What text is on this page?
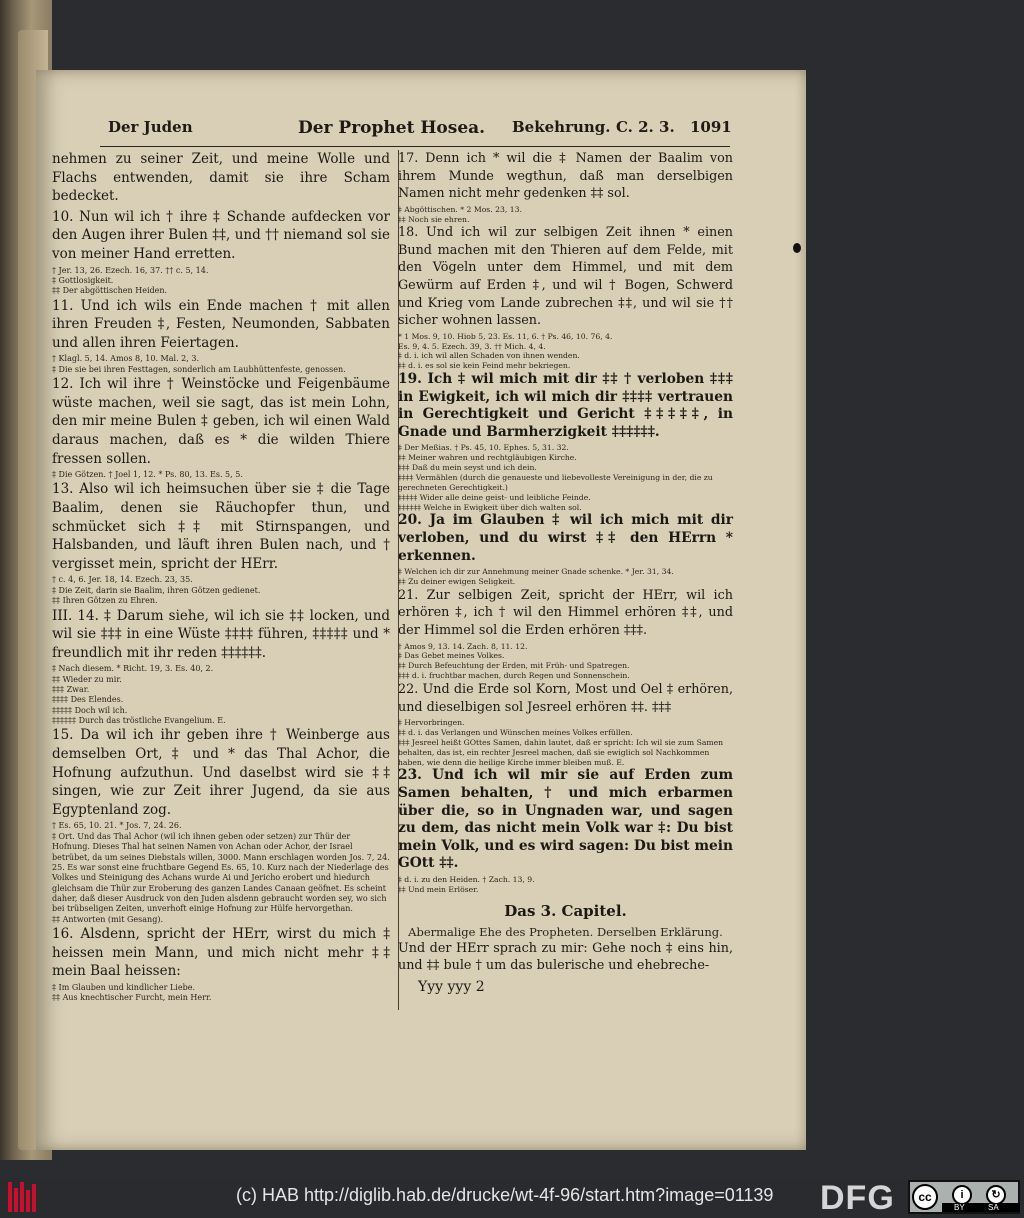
Der Juden	Der Prophet Hosea. Bekehrung. C. 2. 3. 1091
nehmen zu seiner Zeit, und meine Wolle und Flachs entwenden, damit sie ihre Scham bedecket.
10. Nun wil ich † ihre ‡ Schande aufdecken vor den Augen ihrer Bulen ‡‡, und †† niemand sol sie von meiner Hand erretten.
† Jer. 13, 26. Ezech. 16, 37. †† c. 5, 14.
‡ Gottlosigkeit.
‡‡ Der abgöttischen Heiden.
11. Und ich wils ein Ende machen † mit allen ihren Freuden ‡, Festen, Neumonden, Sabbaten und allen ihren Feiertagen.
† Klagl. 5, 14. Amos 8, 10. Mal. 2, 3.
‡ Die sie bei ihren Festtagen, sonderlich am Laubhüttenfeste, genossen.
12. Ich wil ihre † Weinstöcke und Feigenbäume wüste machen, weil sie sagt, das ist mein Lohn, den mir meine Bulen ‡ geben, ich wil einen Wald daraus machen, daß es * die wilden Thiere fressen sollen.
‡ Die Götzen. † Joel 1, 12. * Ps. 80, 13. Es. 5, 5.
13. Also wil ich heimsuchen über sie ‡ die Tage Baalim, denen sie Räuchopfer thun, und schmücket sich ‡‡ mit Stirnspangen, und Halsbanden, und läuft ihren Bulen nach, und † vergisset mein, spricht der HErr.
† c. 4, 6. Jer. 18, 14. Ezech. 23, 35.
‡ Die Zeit, darin sie Baalim, ihren Götzen gedienet.
‡‡ Ihren Götzen zu Ehren.
III. 14. ‡ Darum siehe, wil ich sie ‡‡ locken, und wil sie ‡‡‡ in eine Wüste ‡‡‡‡ führen, ‡‡‡‡‡ und * freundlich mit ihr reden ‡‡‡‡‡‡.
‡ Nach diesem. * Richt. 19, 3. Es. 40, 2.
‡‡ Wieder zu mir.
‡‡‡ Zwar.
‡‡‡‡ Des Elendes.
‡‡‡‡‡ Doch wil ich.
‡‡‡‡‡‡ Durch das tröstliche Evangelium. E.
15. Da wil ich ihr geben ihre † Weinberge aus demselben Ort, ‡ und * das Thal Achor, die Hofnung aufzuthun. Und daselbst wird sie ‡‡ singen, wie zur Zeit ihrer Jugend, da sie aus Egyptenland zog.
† Es. 65, 10. 21. * Jos. 7, 24. 26.
‡ Ort. Und das Thal Achor (wil ich ihnen geben oder setzen) zur Thür der Hofnung. Dieses Thal hat seinen Namen von Achan oder Achor, der Israel betrübet, da um seines Diebstals willen, 3000. Mann erschlagen worden Jos. 7, 24. 25. Es war sonst eine fruchtbare Gegend Es. 65, 10. Kurz nach der Niederlage des Volkes und Steinigung des Achans wurde Ai und Jericho erobert und hiedurch gleichsam die Thür zur Eroberung des ganzen Landes Canaan geöfnet. Es scheint daher, daß dieser Ausdruck von den Juden alsdenn gebraucht worden sey, wo sich bei trübseligen Zeiten, unverhoft einige Hofnung zur Hülfe hervorgethan.
‡‡ Antworten (mit Gesang).
16. Alsdenn, spricht der HErr, wirst du mich ‡ heissen mein Mann, und mich nicht mehr ‡‡ mein Baal heissen:
‡ Im Glauben und kindlicher Liebe.
‡‡ Aus knechtischer Furcht, mein Herr.
17. Denn ich * wil die ‡ Namen der Baalim von ihrem Munde wegthun, daß man derselbigen Namen nicht mehr gedenken ‡‡ sol.
‡ Abgöttischen. * 2 Mos. 23, 13.
‡‡ Noch sie ehren.
18. Und ich wil zur selbigen Zeit ihnen * einen Bund machen mit den Thieren auf dem Felde, mit den Vögeln unter dem Himmel, und mit dem Gewürm auf Erden ‡, und wil † Bogen, Schwerd und Krieg vom Lande zubrechen ‡‡, und wil sie †† sicher wohnen lassen.
* 1 Mos. 9, 10. Hiob 5, 23. Es. 11, 6. † Ps. 46, 10. 76, 4.
Es. 9, 4. 5. Ezech. 39, 3. †† Mich. 4, 4.
‡ d. i. ich wil allen Schaden von ihnen wenden.
‡‡ d. i. es sol sie kein Feind mehr bekriegen.
19. Ich ‡ wil mich mit dir ‡‡ † verloben ‡‡‡ in Ewigkeit, ich wil mich dir ‡‡‡‡ vertrauen in Gerechtigkeit und Gericht ‡‡‡‡‡, in Gnade und Barmherzigkeit ‡‡‡‡‡‡.
‡ Der Meßias. † Ps. 45, 10. Ephes. 5, 31. 32.
‡‡ Meiner wahren und rechtgläubigen Kirche.
‡‡‡ Daß du mein seyst und ich dein.
‡‡‡‡ Vermählen (durch die genaueste und liebevolleste Vereinigung in der, die zu gerechneten Gerechtigkeit.)
‡‡‡‡‡ Wider alle deine geist- und leibliche Feinde.
‡‡‡‡‡‡ Welche in Ewigkeit über dich walten sol.
20. Ja im Glauben ‡ wil ich mich mit dir verloben, und du wirst ‡‡ den HErrn * erkennen.
‡ Welchen ich dir zur Annehmung meiner Gnade schenke. * Jer. 31, 34.
‡‡ Zu deiner ewigen Seligkeit.
21. Zur selbigen Zeit, spricht der HErr, wil ich erhören ‡, ich † wil den Himmel erhören ‡‡, und der Himmel sol die Erden erhören ‡‡‡.
† Amos 9, 13. 14. Zach. 8, 11. 12.
‡ Das Gebet meines Volkes.
‡‡ Durch Befeuchtung der Erden, mit Früh- und Spatregen.
‡‡‡ d. i. fruchtbar machen, durch Regen und Sonnenschein.
22. Und die Erde sol Korn, Most und Oel ‡ erhören, und dieselbigen sol Jesreel erhören ‡‡. ‡‡‡
‡ Hervorbringen.
‡‡ d. i. das Verlangen und Wünschen meines Volkes erfüllen.
‡‡‡ Jesreel heißt GOttes Samen, dahin lautet, daß er spricht: Ich wil sie zum Samen behalten, das ist, ein rechter Jesreel machen, daß sie ewiglich sol Nachkommen haben, wie denn die heilige Kirche immer bleiben muß. E.
23. Und ich wil mir sie auf Erden zum Samen behalten, † und mich erbarmen über die, so in Ungnaden war, und sagen zu dem, das nicht mein Volk war ‡: Du bist mein Volk, und es wird sagen: Du bist mein GOtt ‡‡.
‡ d. i. zu den Heiden. † Zach. 13, 9.
‡‡ Und mein Erlöser.
Das 3. Capitel.
Abermalige Ehe des Propheten. Derselben Erklärung.
Und der HErr sprach zu mir: Gehe noch ‡ eins hin, und ‡‡ bule † um das bulerische und ehebreche-
Yyy yyy 2
(c) HAB http://diglib.hab.de/drucke/wt-4f-96/start.htm?image=01139 DFG	cc	i	↻
BY	SA
